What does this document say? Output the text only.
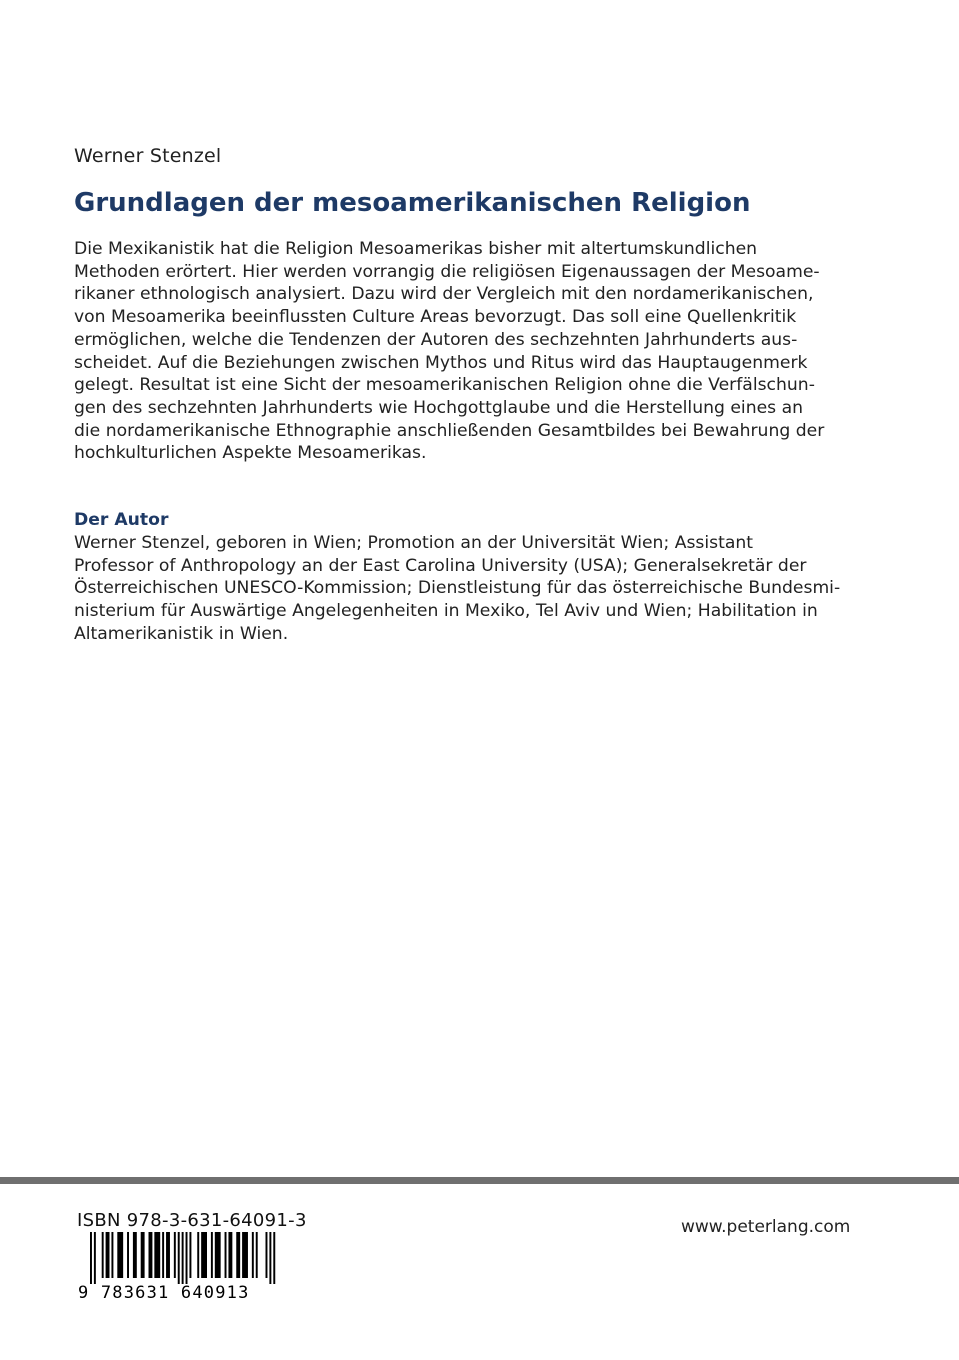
Werner Stenzel
Grundlagen der mesoamerikanischen Religion
Die Mexikanistik hat die Religion Mesoamerikas bisher mit altertumskundlichen
Methoden erörtert. Hier werden vorrangig die religiösen Eigenaussagen der Mesoame-
rikaner ethnologisch analysiert. Dazu wird der Vergleich mit den nordamerikanischen,
von Mesoamerika beeinflussten Culture Areas bevorzugt. Das soll eine Quellenkritik
ermöglichen, welche die Tendenzen der Autoren des sechzehnten Jahrhunderts aus-
scheidet. Auf die Beziehungen zwischen Mythos und Ritus wird das Hauptaugenmerk
gelegt. Resultat ist eine Sicht der mesoamerikanischen Religion ohne die Verfälschun-
gen des sechzehnten Jahrhunderts wie Hochgottglaube und die Herstellung eines an
die nordamerikanische Ethnographie anschließenden Gesamtbildes bei Bewahrung der
hochkulturlichen Aspekte Mesoamerikas.
Der Autor
Werner Stenzel, geboren in Wien; Promotion an der Universität Wien; Assistant
Professor of Anthropology an der East Carolina University (USA); Generalsekretär der
Österreichischen UNESCO-Kommission; Dienstleistung für das österreichische Bundesmi-
nisterium für Auswärtige Angelegenheiten in Mexiko, Tel Aviv und Wien; Habilitation in
Altamerikanistik in Wien.
ISBN 978-3-631-64091-3
9 783631 640913
www.peterlang.com
